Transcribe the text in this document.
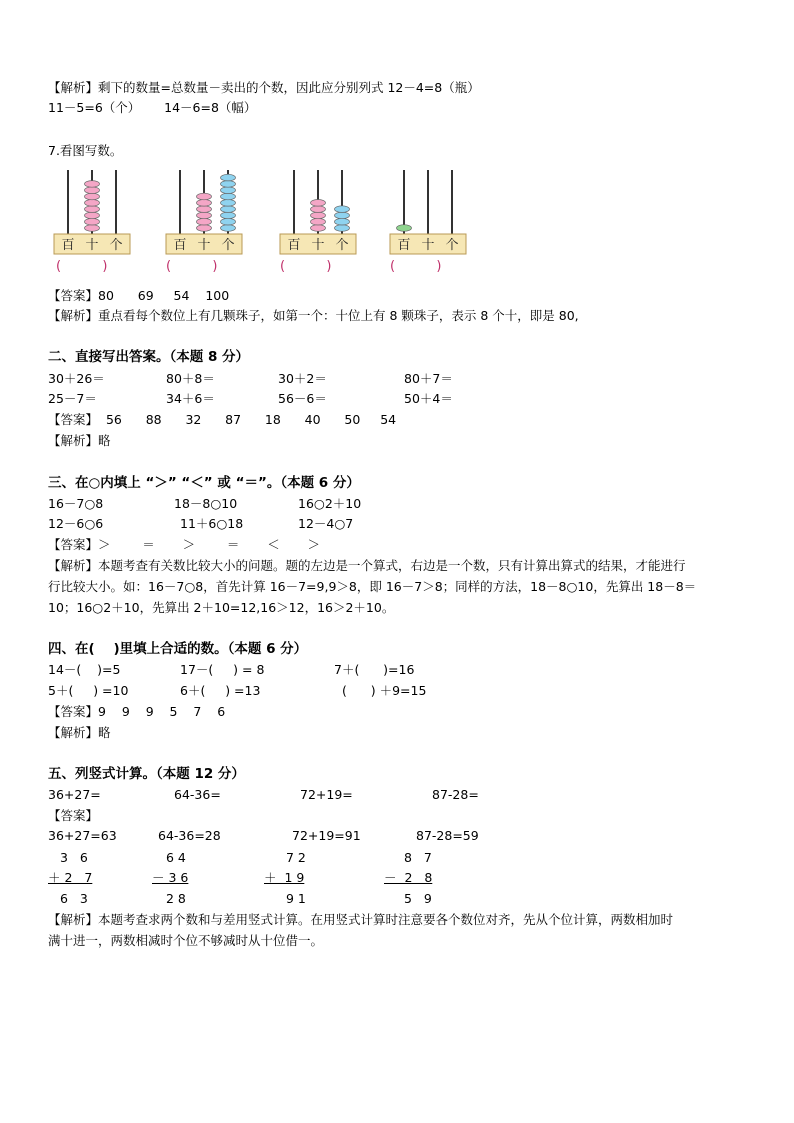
【解析】剩下的数量=总数量－卖出的个数，因此应分别列式 12－4=8（瓶）
11－5=6（个）      14－6=8（幅）
7.看图写数。
百 十 个	百 十 个	百 十 个	百 十 个
(          )	(          )	(          )	(          )
【答案】80      69     54    100
【解析】重点看每个数位上有几颗珠子，如第一个：十位上有 8 颗珠子，表示 8 个十，即是 80,
二、直接写出答案。（本题 8 分）
30＋26＝	80＋8＝	30＋2＝	80＋7＝
25－7＝	34＋6＝	56－6＝	50＋4＝
【答案】  56      88      32      87      18      40      50     54
【解析】略
三、在○内填上 “＞” “＜” 或 “＝”。（本题 6 分）
16－7○8	18－8○10	16○2＋10
12－6○6	11＋6○18	12－4○7
【答案】＞        ＝       ＞        ＝       ＜       ＞
【解析】本题考查有关数比较大小的问题。题的左边是一个算式，右边是一个数，只有计算出算式的结果，才能进行
行比较大小。如：16－7○8，首先计算 16－7=9,9＞8，即 16－7＞8；同样的方法，18－8○10，先算出 18－8＝
10；16○2＋10，先算出 2＋10=12,16＞12，16＞2＋10。
四、在(    )里填上合适的数。（本题 6 分）
14－(    )=5	17－(     ) = 8	7＋(      )=16
5＋(     ) =10	6＋(     ) =13	(      ) ＋9=15
【答案】9    9    9    5    7    6
【解析】略
五、列竖式计算。（本题 12 分）
36+27=	64-36=	72+19=	87-28=
【答案】
36+27=63	64-36=28	72+19=91	87-28=59
3   6
＋ 2   7
6   3
6 4
－ 3 6
2 8
7 2
＋  1 9
9 1
8   7
－  2   8
5   9
【解析】本题考查求两个数和与差用竖式计算。在用竖式计算时注意要各个数位对齐，先从个位计算，两数相加时
满十进一，两数相减时个位不够减时从十位借一。
